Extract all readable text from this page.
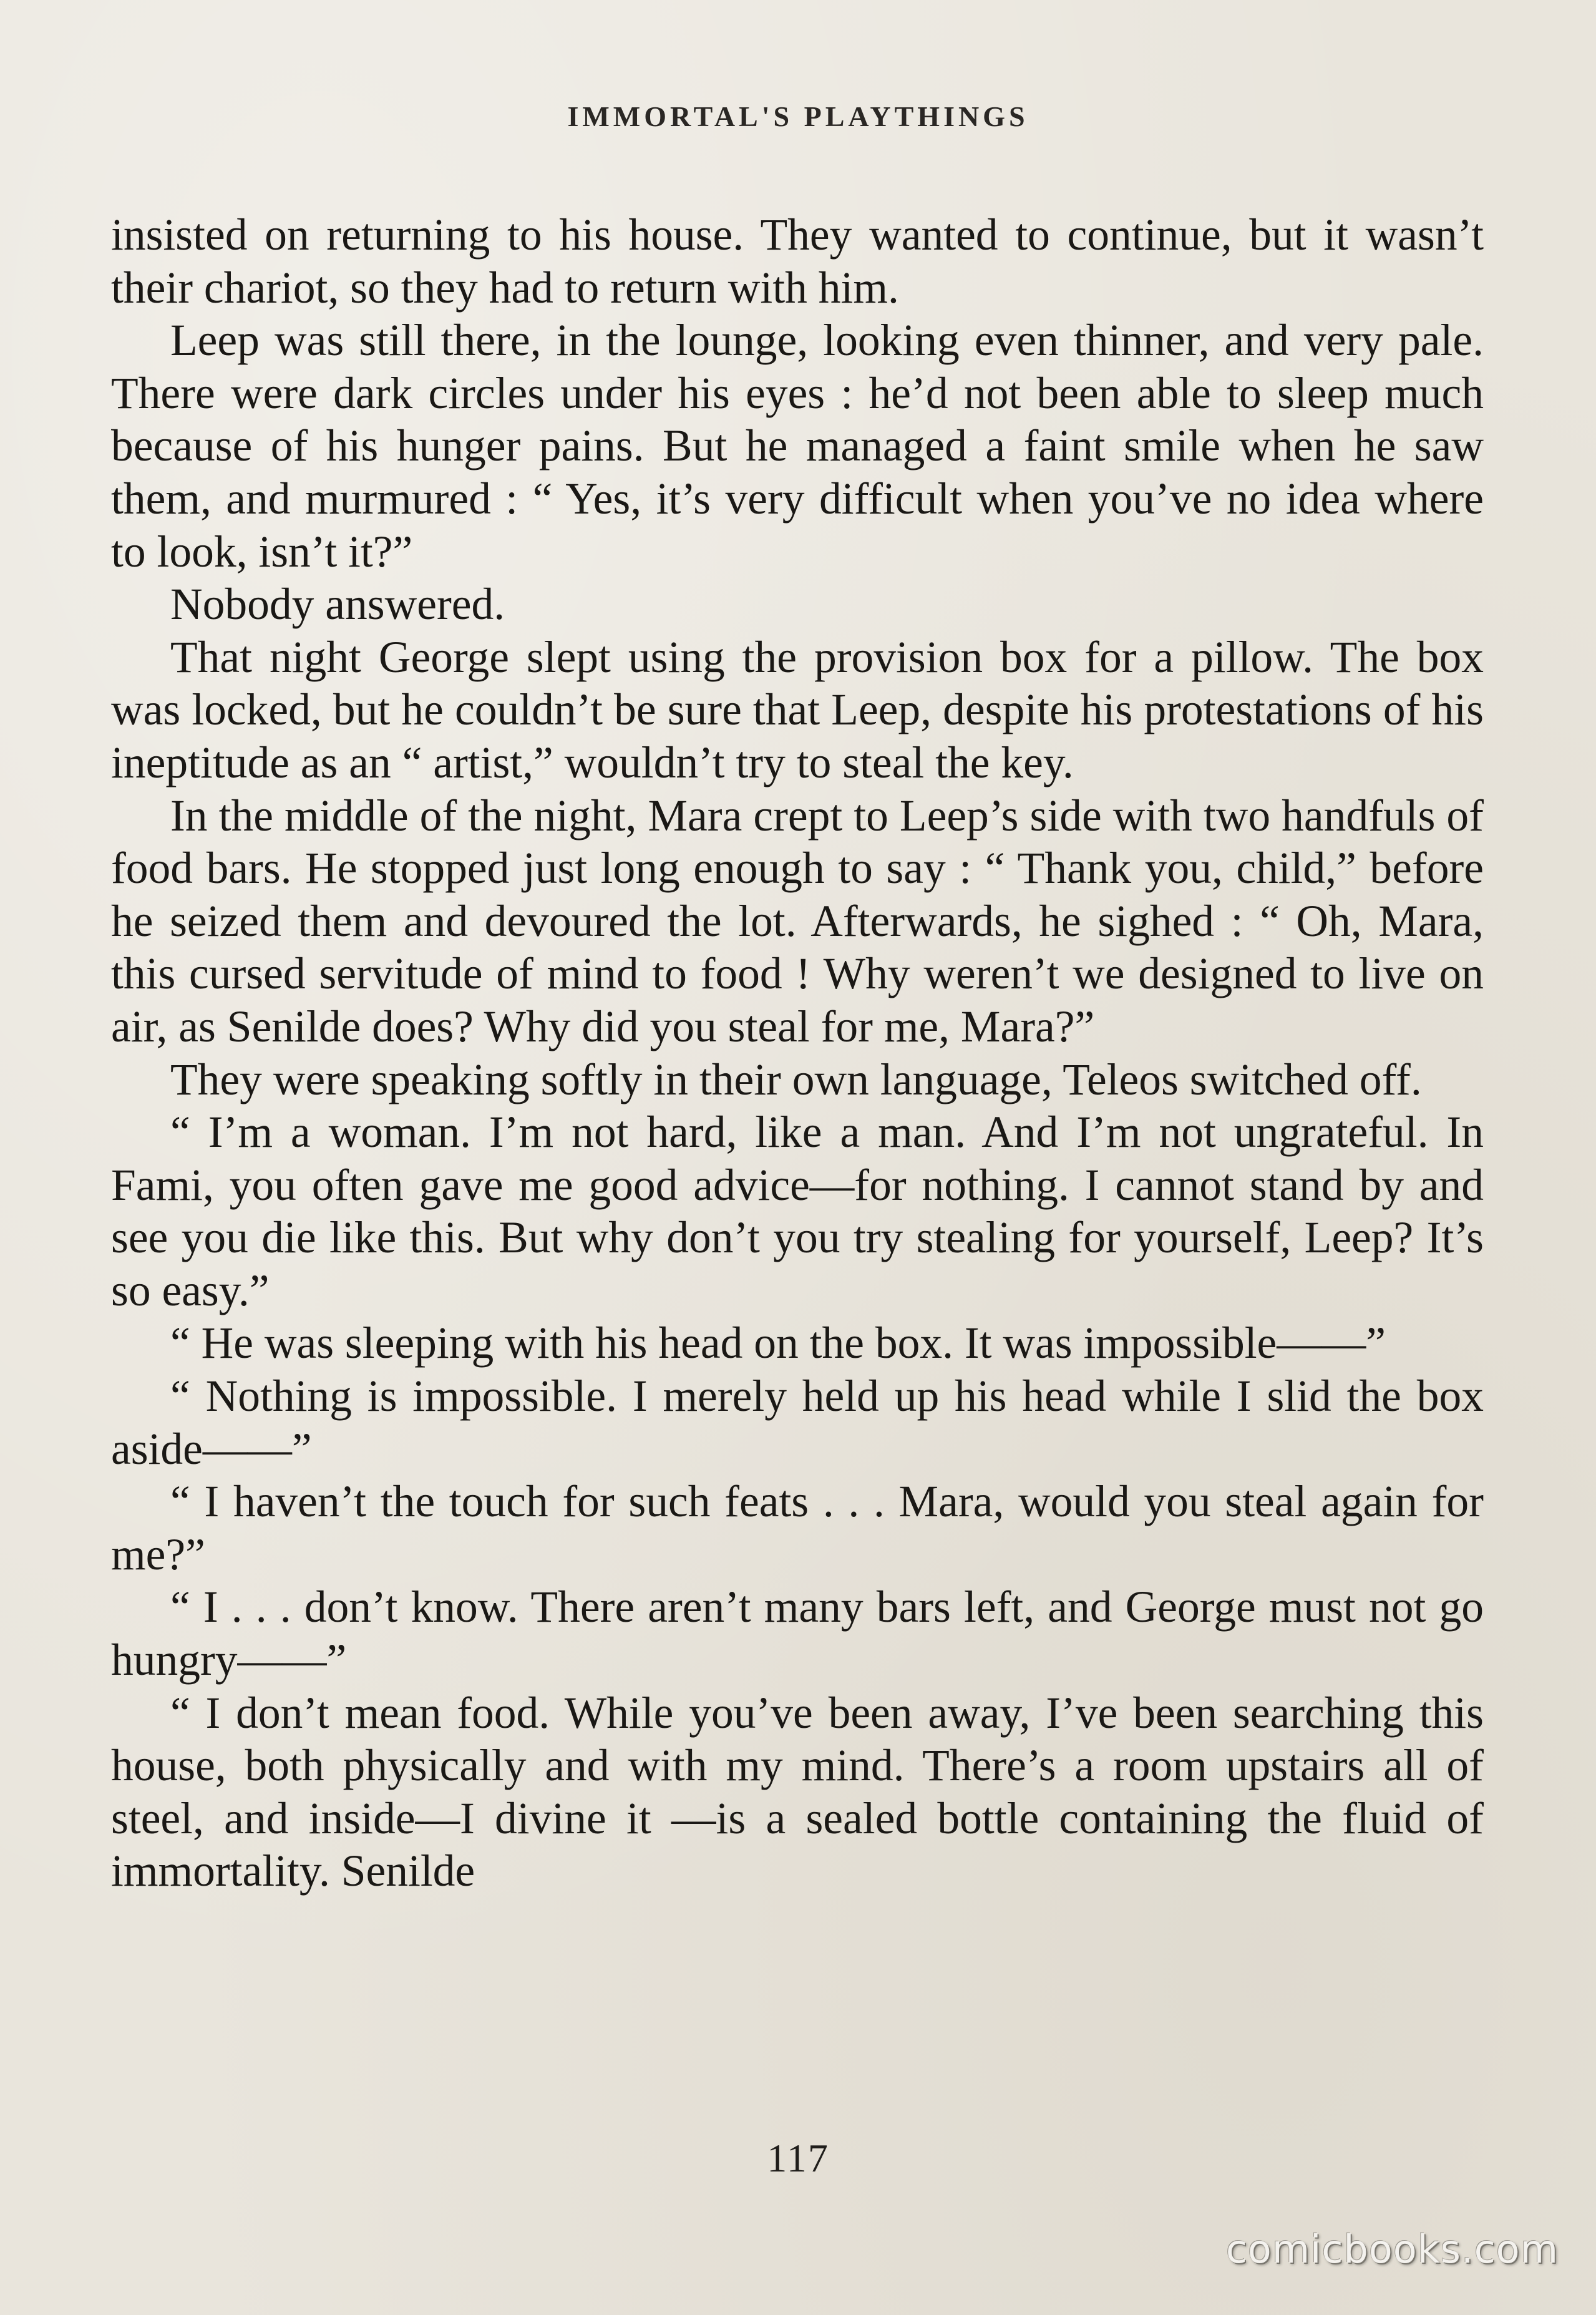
IMMORTAL'S PLAYTHINGS

insisted on returning to his house. They wanted to continue, but it wasn’t their chariot, so they had to return with him.

Leep was still there, in the lounge, looking even thinner, and very pale. There were dark circles under his eyes : he’d not been able to sleep much because of his hunger pains. But he managed a faint smile when he saw them, and murmured : “ Yes, it’s very difficult when you’ve no idea where to look, isn’t it?”

Nobody answered.

That night George slept using the provision box for a pillow. The box was locked, but he couldn’t be sure that Leep, despite his protestations of his ineptitude as an “ artist,” wouldn’t try to steal the key.

In the middle of the night, Mara crept to Leep’s side with two handfuls of food bars. He stopped just long enough to say : “ Thank you, child,” before he seized them and devoured the lot. Afterwards, he sighed : “ Oh, Mara, this cursed servitude of mind to food ! Why weren’t we designed to live on air, as Senilde does? Why did you steal for me, Mara?”

They were speaking softly in their own language, Teleos switched off.

“ I’m a woman. I’m not hard, like a man. And I’m not ungrateful. In Fami, you often gave me good advice—for nothing. I cannot stand by and see you die like this. But why don’t you try stealing for yourself, Leep? It’s so easy.”

“ He was sleeping with his head on the box. It was impossible——”

“ Nothing is impossible. I merely held up his head while I slid the box aside——”

“ I haven’t the touch for such feats . . . Mara, would you steal again for me?”

“ I . . . don’t know. There aren’t many bars left, and George must not go hungry——”

“ I don’t mean food. While you’ve been away, I’ve been searching this house, both physically and with my mind. There’s a room upstairs all of steel, and inside—I divine it —is a sealed bottle containing the fluid of immortality. Senilde

117
comicbooks.com
